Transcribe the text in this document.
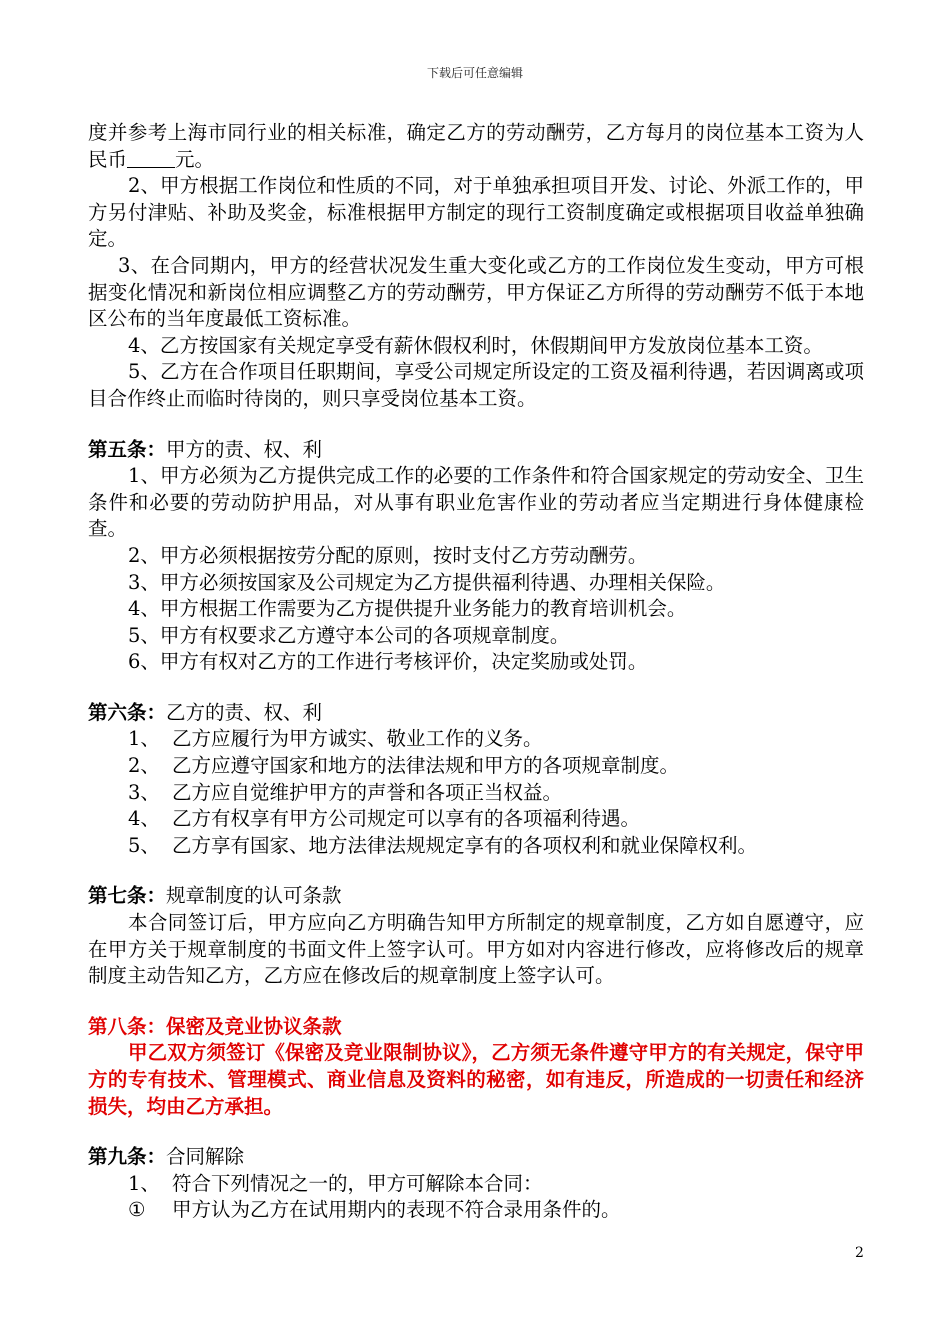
下载后可任意编辑

度并参考上海市同行业的相关标准，确定乙方的劳动酬劳，乙方每月的岗位基本工资为人民币 元。

2、甲方根据工作岗位和性质的不同，对于单独承担项目开发、讨论、外派工作的，甲方另付津贴、补助及奖金，标准根据甲方制定的现行工资制度确定或根据项目收益单独确定。

3、在合同期内，甲方的经营状况发生重大变化或乙方的工作岗位发生变动，甲方可根据变化情况和新岗位相应调整乙方的劳动酬劳，甲方保证乙方所得的劳动酬劳不低于本地区公布的当年度最低工资标准。

4、乙方按国家有关规定享受有薪休假权利时，休假期间甲方发放岗位基本工资。

5、乙方在合作项目任职期间，享受公司规定所设定的工资及福利待遇，若因调离或项目合作终止而临时待岗的，则只享受岗位基本工资。

第五条：甲方的责、权、利

1、甲方必须为乙方提供完成工作的必要的工作条件和符合国家规定的劳动安全、卫生条件和必要的劳动防护用品，对从事有职业危害作业的劳动者应当定期进行身体健康检查。

2、甲方必须根据按劳分配的原则，按时支付乙方劳动酬劳。

3、甲方必须按国家及公司规定为乙方提供福利待遇、办理相关保险。

4、甲方根据工作需要为乙方提供提升业务能力的教育培训机会。

5、甲方有权要求乙方遵守本公司的各项规章制度。

6、甲方有权对乙方的工作进行考核评价，决定奖励或处罚。

第六条：乙方的责、权、利

1、 乙方应履行为甲方诚实、敬业工作的义务。
2、 乙方应遵守国家和地方的法律法规和甲方的各项规章制度。
3、 乙方应自觉维护甲方的声誉和各项正当权益。
4、 乙方有权享有甲方公司规定可以享有的各项福利待遇。
5、 乙方享有国家、地方法律法规规定享有的各项权利和就业保障权利。

第七条：规章制度的认可条款

本合同签订后，甲方应向乙方明确告知甲方所制定的规章制度，乙方如自愿遵守，应在甲方关于规章制度的书面文件上签字认可。甲方如对内容进行修改，应将修改后的规章制度主动告知乙方，乙方应在修改后的规章制度上签字认可。

第八条：保密及竞业协议条款

甲乙双方须签订《保密及竞业限制协议》，乙方须无条件遵守甲方的有关规定，保守甲方的专有技术、管理模式、商业信息及资料的秘密，如有违反，所造成的一切责任和经济损失，均由乙方承担。

第九条：合同解除

1、 符合下列情况之一的，甲方可解除本合同：
①	甲方认为乙方在试用期内的表现不符合录用条件的。
2
